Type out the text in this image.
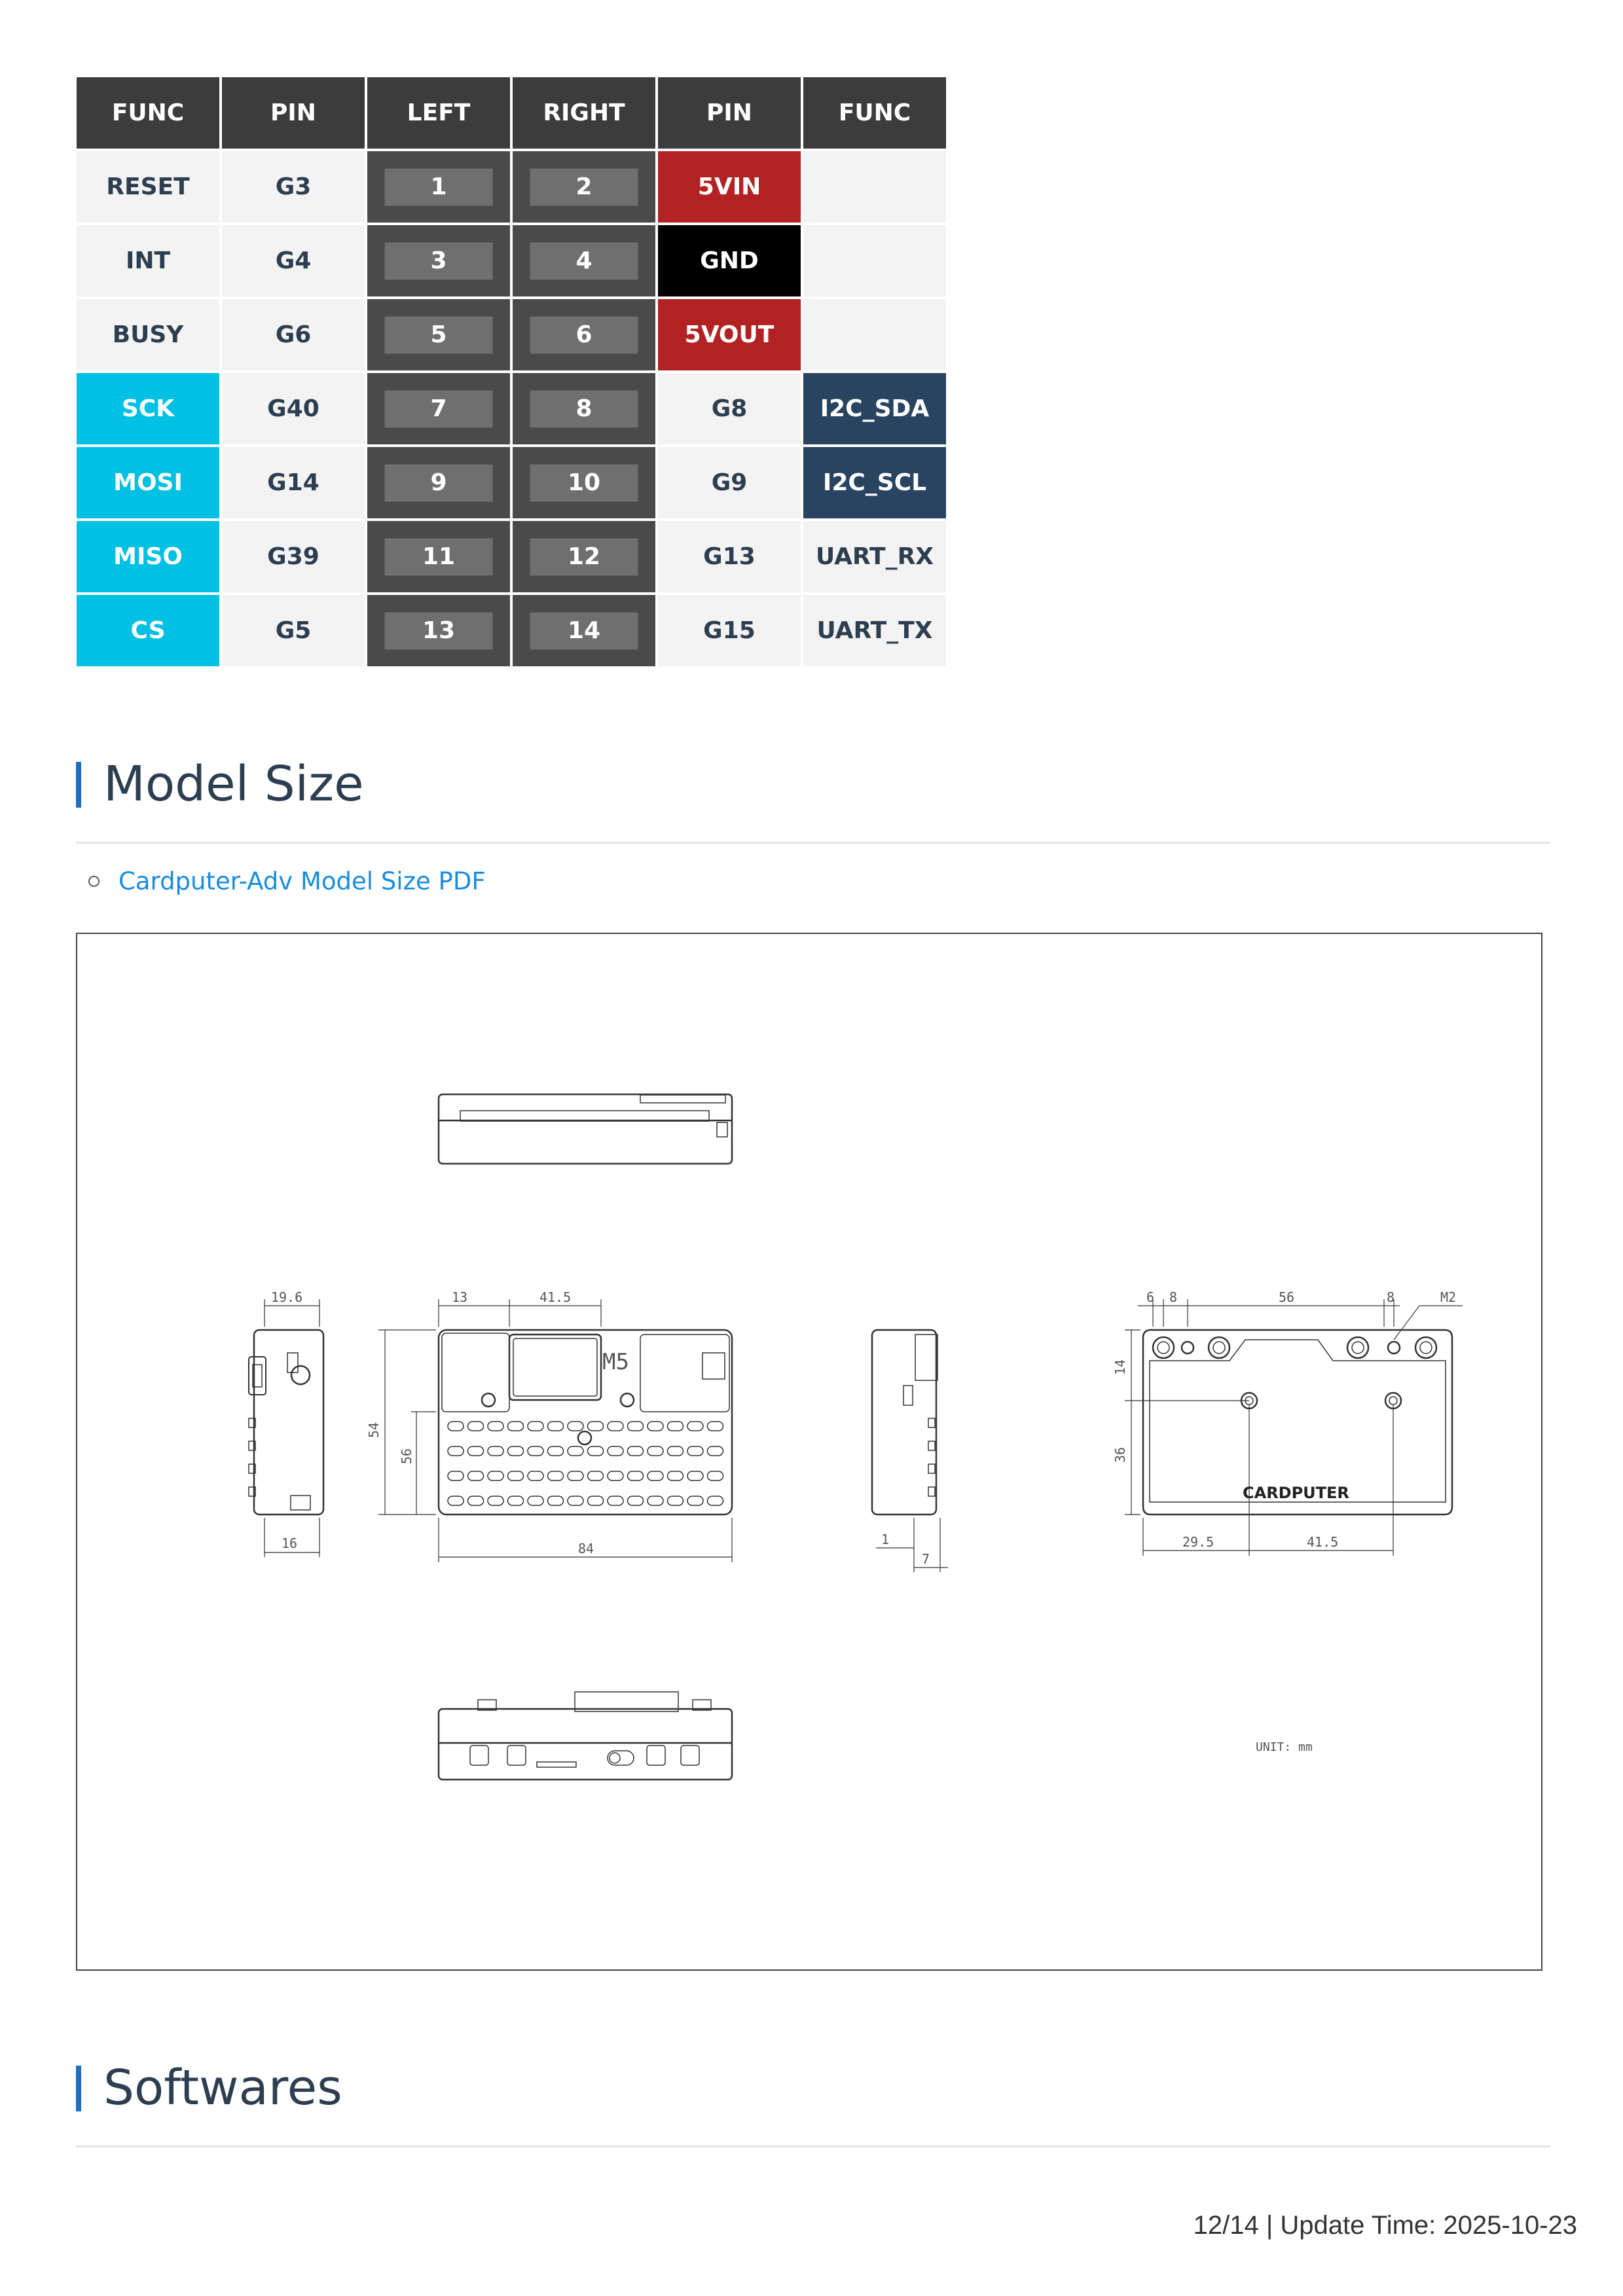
FUNC	PIN	LEFT	RIGHT	PIN	FUNC
RESET	G3	1	2	5VIN	
INT	G4	3	4	GND	
BUSY	G6	5	6	5VOUT	
SCK	G40	7	8	G8	I2C_SDA
MOSI	G14	9	10	G9	I2C_SCL
MISO	G39	11	12	G13	UART_RX
CS	G5	13	14	G15	UART_TX
Model Size
Cardputer-Adv Model Size PDF
19.6
16
M5
13	41.5
54
56
84
1
7
CARDPUTER
6 8	56	8	M2
14
36
29.5	41.5
UNIT: mm
Softwares
12/14 | Update Time: 2025-10-23
